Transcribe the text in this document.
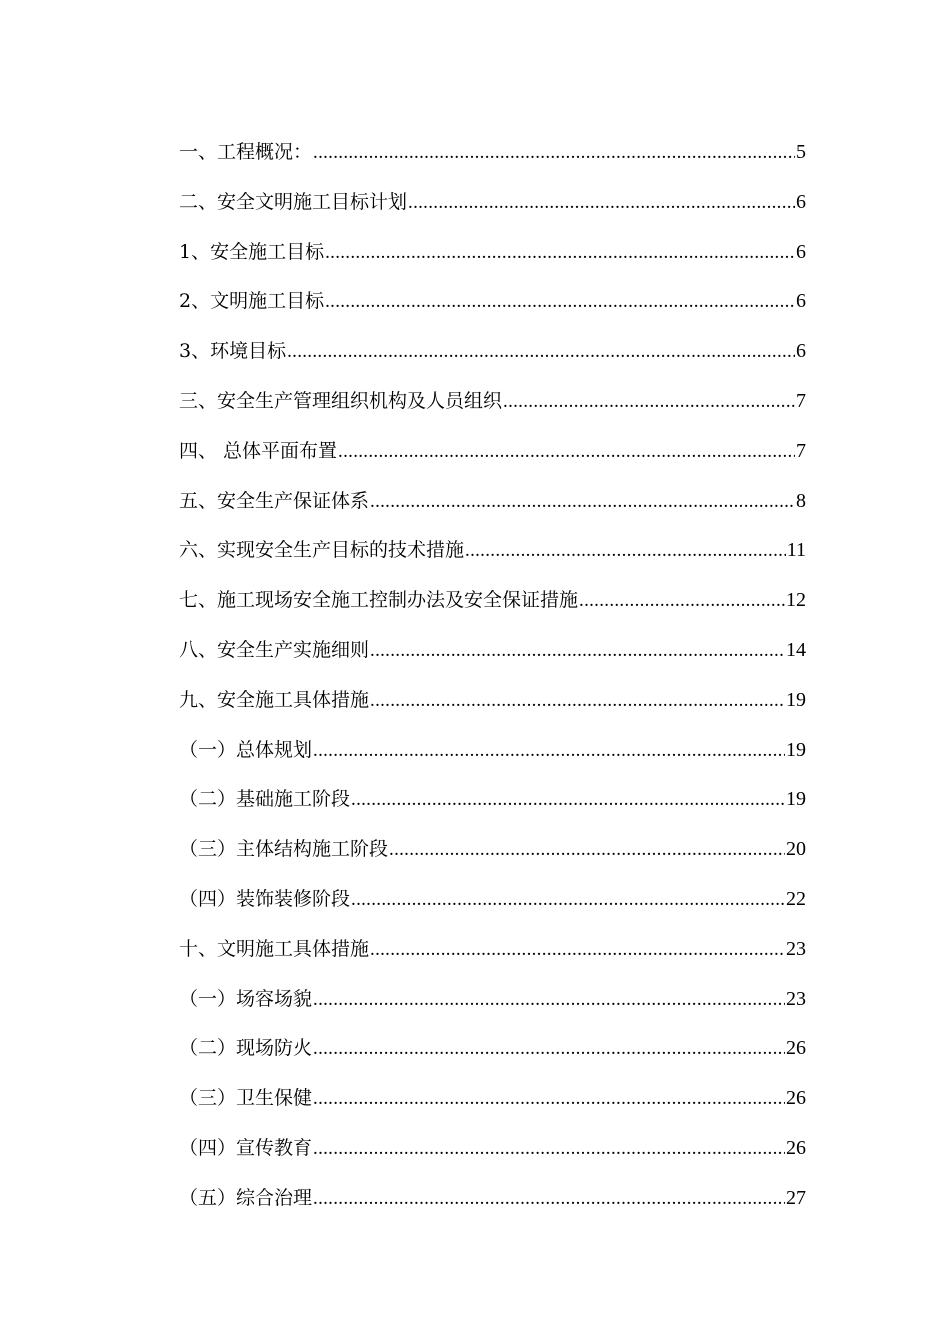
一、工程概况： .....	5
二、安全文明施工目标计划 .....	6
1、安全施工目标 .....	6
2、文明施工目标 .....	6
3、环境目标 .....	6
三、安全生产管理组织机构及人员组织 .....	7
四、 总体平面布置 .....	7
五、安全生产保证体系 .....	8
六、实现安全生产目标的技术措施 .....	11
七、施工现场安全施工控制办法及安全保证措施 .....	12
八、安全生产实施细则 .....	14
九、安全施工具体措施 .....	19
（一）总体规划 .....	19
（二）基础施工阶段 .....	19
（三）主体结构施工阶段 .....	20
（四）装饰装修阶段 .....	22
十、文明施工具体措施 .....	23
（一）场容场貌 .....	23
（二）现场防火 .....	26
（三）卫生保健 .....	26
（四）宣传教育 .....	26
（五）综合治理 .....	27
